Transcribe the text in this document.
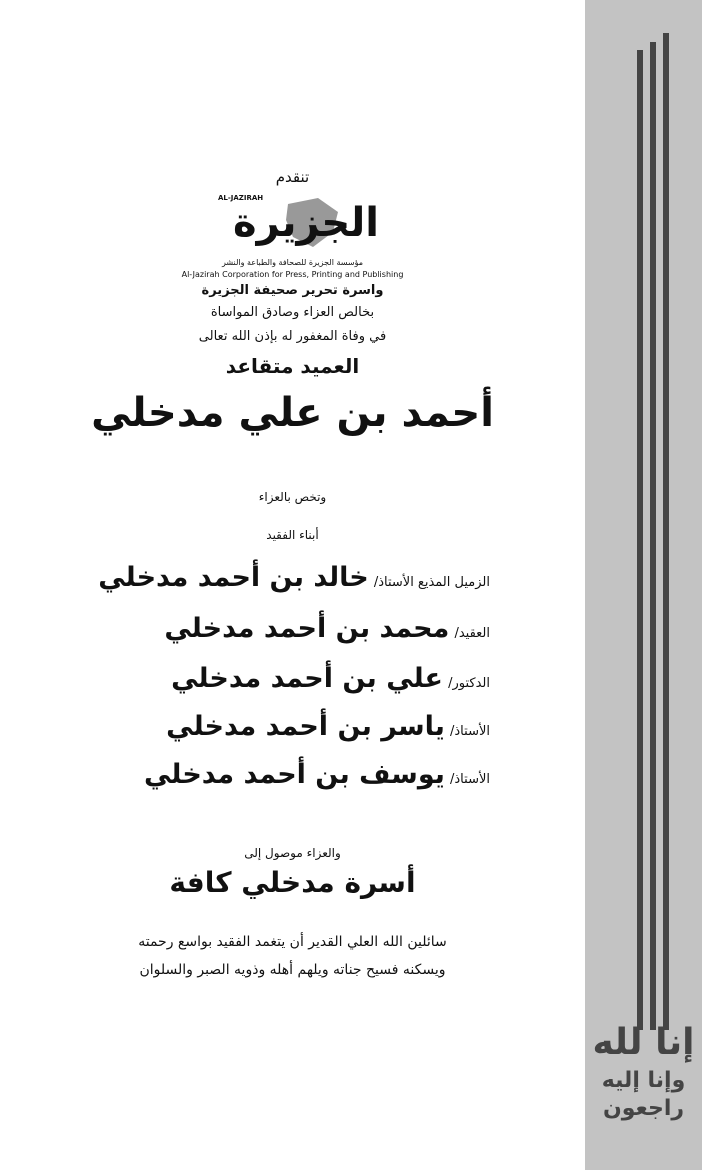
إنا لله
وإنا إليه
راجعون
تنقدم
AL-JAZIRAH
الجزيرة
مؤسسة الجزيرة للصحافة والطباعة والنشر
Al-Jazirah Corporation for Press, Printing and Publishing
واسرة تحرير صحيفة الجزيرة
بخالص العزاء وصادق المواساة
في وفاة المغفور له بإذن الله تعالى
العميد متقاعد
أحمد بن علي مدخلي
وتخص بالعزاء
أبناء الفقيد
الزميل المذيع الأستاذ/ خالد بن أحمد مدخلي
العقيد/ محمد بن أحمد مدخلي
الدكتور/ علي بن أحمد مدخلي
الأستاذ/ ياسر بن أحمد مدخلي
الأستاذ/ يوسف بن أحمد مدخلي
والعزاء موصول إلى
أسرة مدخلي كافة
سائلين الله العلي القدير أن يتغمد الفقيد بواسع رحمته
ويسكنه فسيح جناته ويلهم أهله وذويه الصبر والسلوان
